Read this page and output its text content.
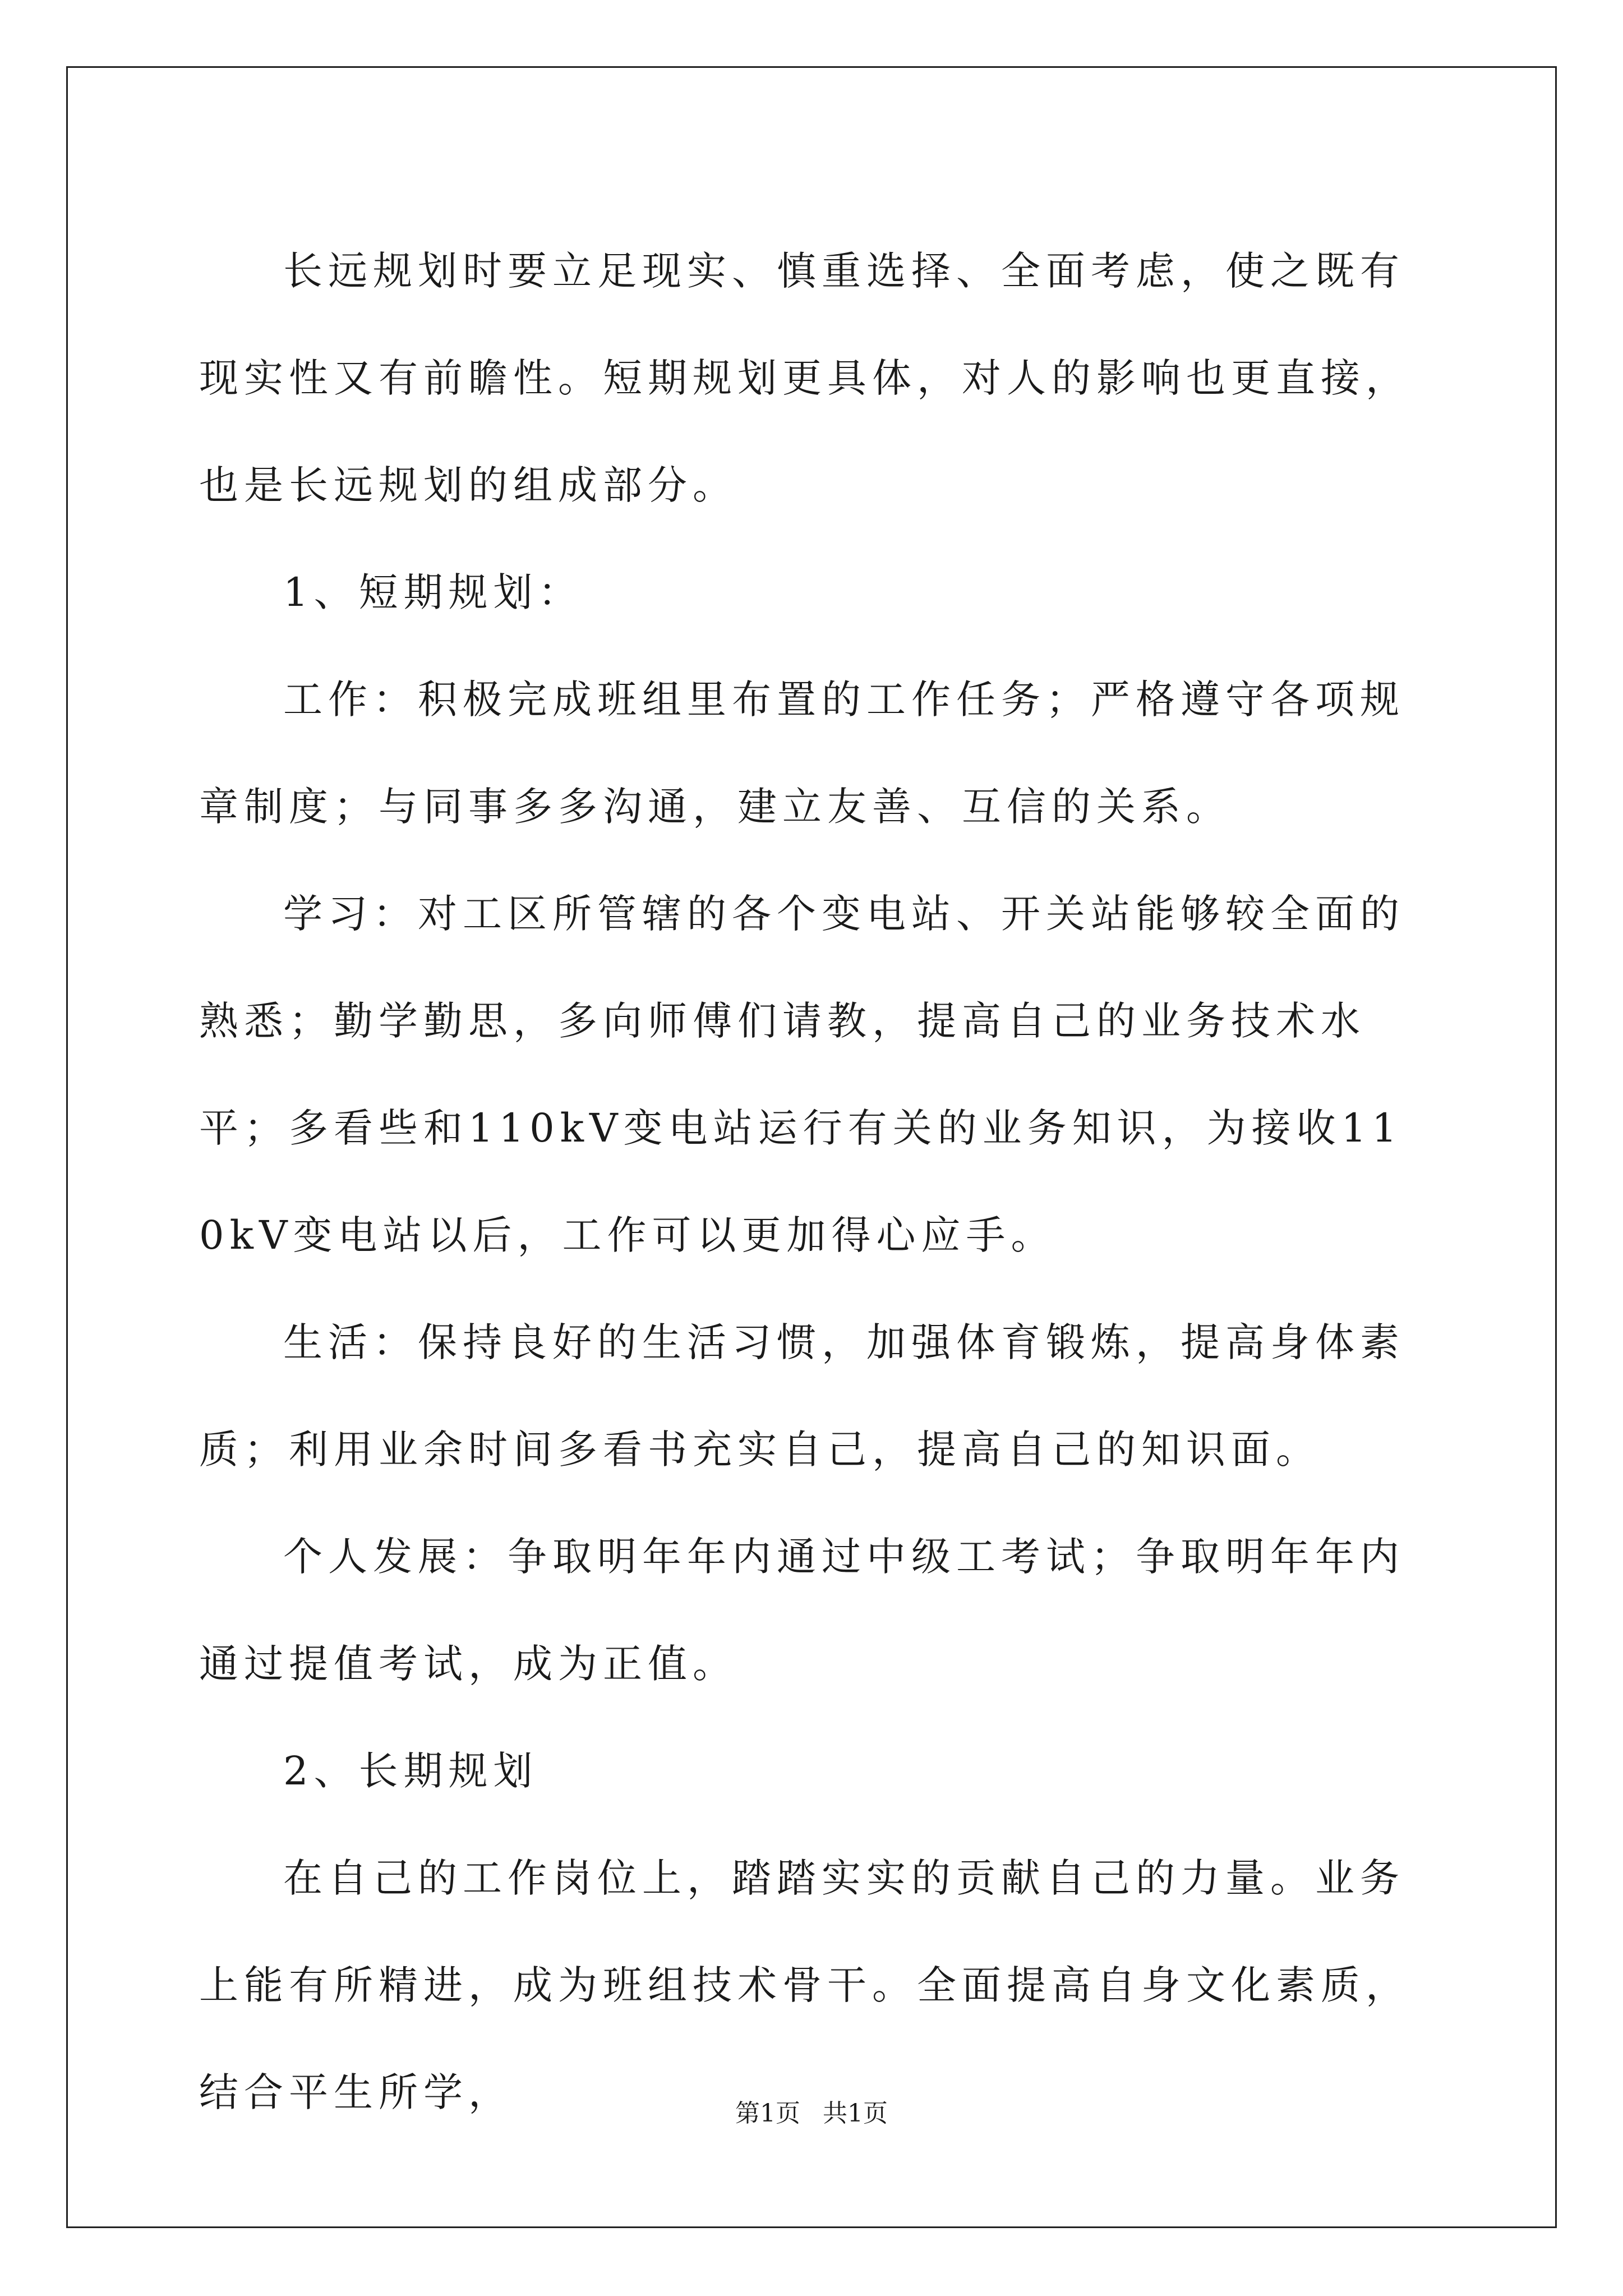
长远规划时要立足现实、慎重选择、全面考虑，使之既有现实性又有前瞻性。短期规划更具体，对人的影响也更直接，也是长远规划的组成部分。

1、短期规划：

工作：积极完成班组里布置的工作任务；严格遵守各项规章制度；与同事多多沟通，建立友善、互信的关系。

学习：对工区所管辖的各个变电站、开关站能够较全面的熟悉；勤学勤思，多向师傅们请教，提高自己的业务技术水平；多看些和110kV变电站运行有关的业务知识，为接收110kV变电站以后，工作可以更加得心应手。

生活：保持良好的生活习惯，加强体育锻炼，提高身体素质；利用业余时间多看书充实自己，提高自己的知识面。

个人发展：争取明年年内通过中级工考试；争取明年年内通过提值考试，成为正值。

2、长期规划

在自己的工作岗位上，踏踏实实的贡献自己的力量。业务上能有所精进，成为班组技术骨干。全面提高自身文化素质，结合平生所学，	第1页 共1页
